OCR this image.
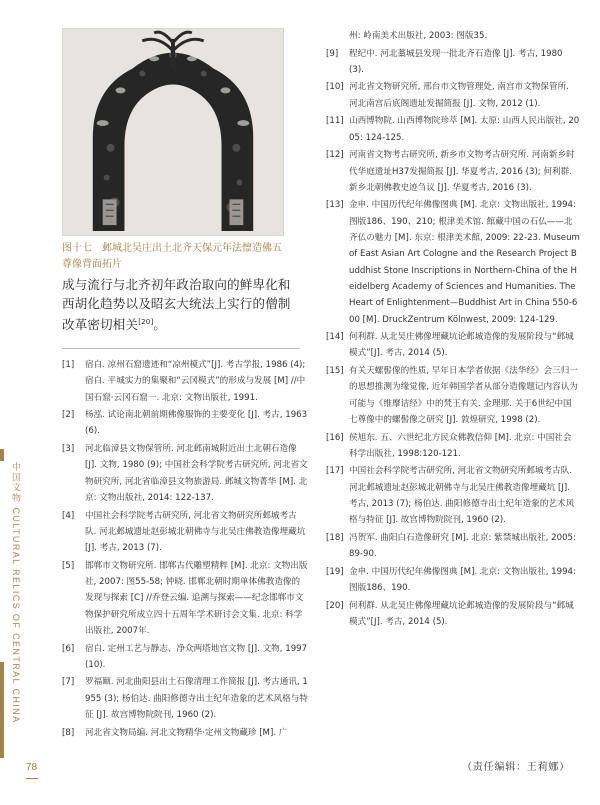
图十七　邺城北吴庄出土北齐天保元年法懔造佛五尊像背面拓片

成与流行与北齐初年政治取向的鲜卑化和西胡化趋势以及昭玄大统法上实行的僧制改革密切相关[20]。

[1]	宿白. 凉州石窟遗迹和“凉州模式”[J]. 考古学报, 1986 (4); 宿白. 平城实力的集聚和“云冈模式”的形成与发展 [M] //中国石窟·云冈石窟一. 北京: 文物出版社, 1991.
[2]	杨泓. 试论南北朝前期佛像服饰的主要变化 [J]. 考古, 1963 (6).
[3]	河北临漳县文物保管所. 河北邺南城附近出土北朝石造像 [J]. 文物, 1980 (9); 中国社会科学院考古研究所, 河北省文物研究所, 河北省临漳县文物旅游局. 邺城文物菁华 [M]. 北京: 文物出版社, 2014: 122-137.
[4]	中国社会科学院考古研究所, 河北省文物研究所邺城考古队. 河北邺城遗址赵彭城北朝佛寺与北吴庄佛教造像埋藏坑 [J]. 考古, 2013 (7).
[5]	邯郸市文物研究所. 邯郸古代雕塑精粹 [M]. 北京: 文物出版社, 2007: 图55-58; 钟晓. 邯郸北朝时期单体佛教造像的发现与探索 [C] //乔登云编. 追溯与探索——纪念邯郸市文物保护研究所成立四十五周年学术研讨会文集. 北京: 科学出版社, 2007年.
[6]	宿白. 定州工艺与静志、净众两塔地宫文物 [J]. 文物, 1997 (10).
[7]	罗福颐. 河北曲阳县出土石像清理工作简报 [J]. 考古通讯, 1955 (3); 杨伯达. 曲阳修德寺出土纪年造象的艺术风格与特征 [J]. 故宫博物院院刊, 1960 (2).
[8]	河北省文物局编. 河北文物精华·定州文物藏珍 [M]. 广
州: 岭南美术出版社, 2003: 图版35.
[9]	程纪中. 河北藁城县发现一批北齐石造像 [J]. 考古, 1980 (3).
[10] 河北省文物研究所, 邢台市文物管理处, 南宫市文物保管所. 河北南宫后底阁遗址发掘简报 [J]. 文物, 2012 (1).
[11] 山西博物院. 山西博物院珍萃 [M]. 太原: 山西人民出版社, 2005: 124-125.
[12] 河南省文物考古研究所, 新乡市文物考古研究所. 河南新乡时代华庭遗址H37发掘简报 [J]. 华夏考古, 2016 (3); 何利群. 新乡北朝佛教史迹刍议 [J]. 华夏考古, 2016 (3).
[13] 金申. 中国历代纪年佛像图典 [M]. 北京: 文物出版社, 1994: 图版186、190、210; 根津美术馆. 館藏中国の石仏——北齐仏の魅力 [M]. 东京: 根津美术館, 2009: 22-23. Museum of East Asian Art Cologne and the Research Project Buddhist Stone Inscriptions in Northern-China of the Heidelberg Academy of Sciences and Humanities. The Heart of Enlightenment—Buddhist Art in China 550-600 [M]. DruckZentrum Kölnwest, 2009: 124-129.
[14] 何利群. 从北吴庄佛像埋藏坑论邺城造像的发展阶段与“邺城模式”[J]. 考古, 2014 (5).
[15] 有关天螺髻像的性质, 早年日本学者依据《法华经》会三归一的思想推测为缘觉像, 近年韩国学者从部分造像题记内容认为可能与《维摩诘经》中的梵王有关. 金理那. 关于6世纪中国七尊像中的螺髻像之研究 [J]. 敦煌研究, 1998 (2).
[16] 侯旭东. 五、六世纪北方民众佛教信仰 [M]. 北京: 中国社会科学出版社, 1998:120-121.
[17] 中国社会科学院考古研究所, 河北省文物研究所邺城考古队. 河北邺城遗址赵彭城北朝佛寺与北吴庄佛教造像埋藏坑 [J]. 考古, 2013 (7); 杨伯达. 曲阳修德寺出土纪年造象的艺术风格与特征 [J]. 故宫博物院院刊, 1960 (2).
[18] 冯贺军. 曲阳白石造像研究 [M]. 北京: 紫禁城出版社, 2005: 89-90.
[19] 金申. 中国历代纪年佛像图典 [M]. 北京: 文物出版社, 1994: 图版186、190.
[20] 何利群. 从北吴庄佛像埋藏坑论邺城造像的发展阶段与“邺城模式”[J]. 考古, 2014 (5).
中国文物 CULTURAL RELICS OF CENTRAL CHINA
78	（责任编辑：王莉娜）
